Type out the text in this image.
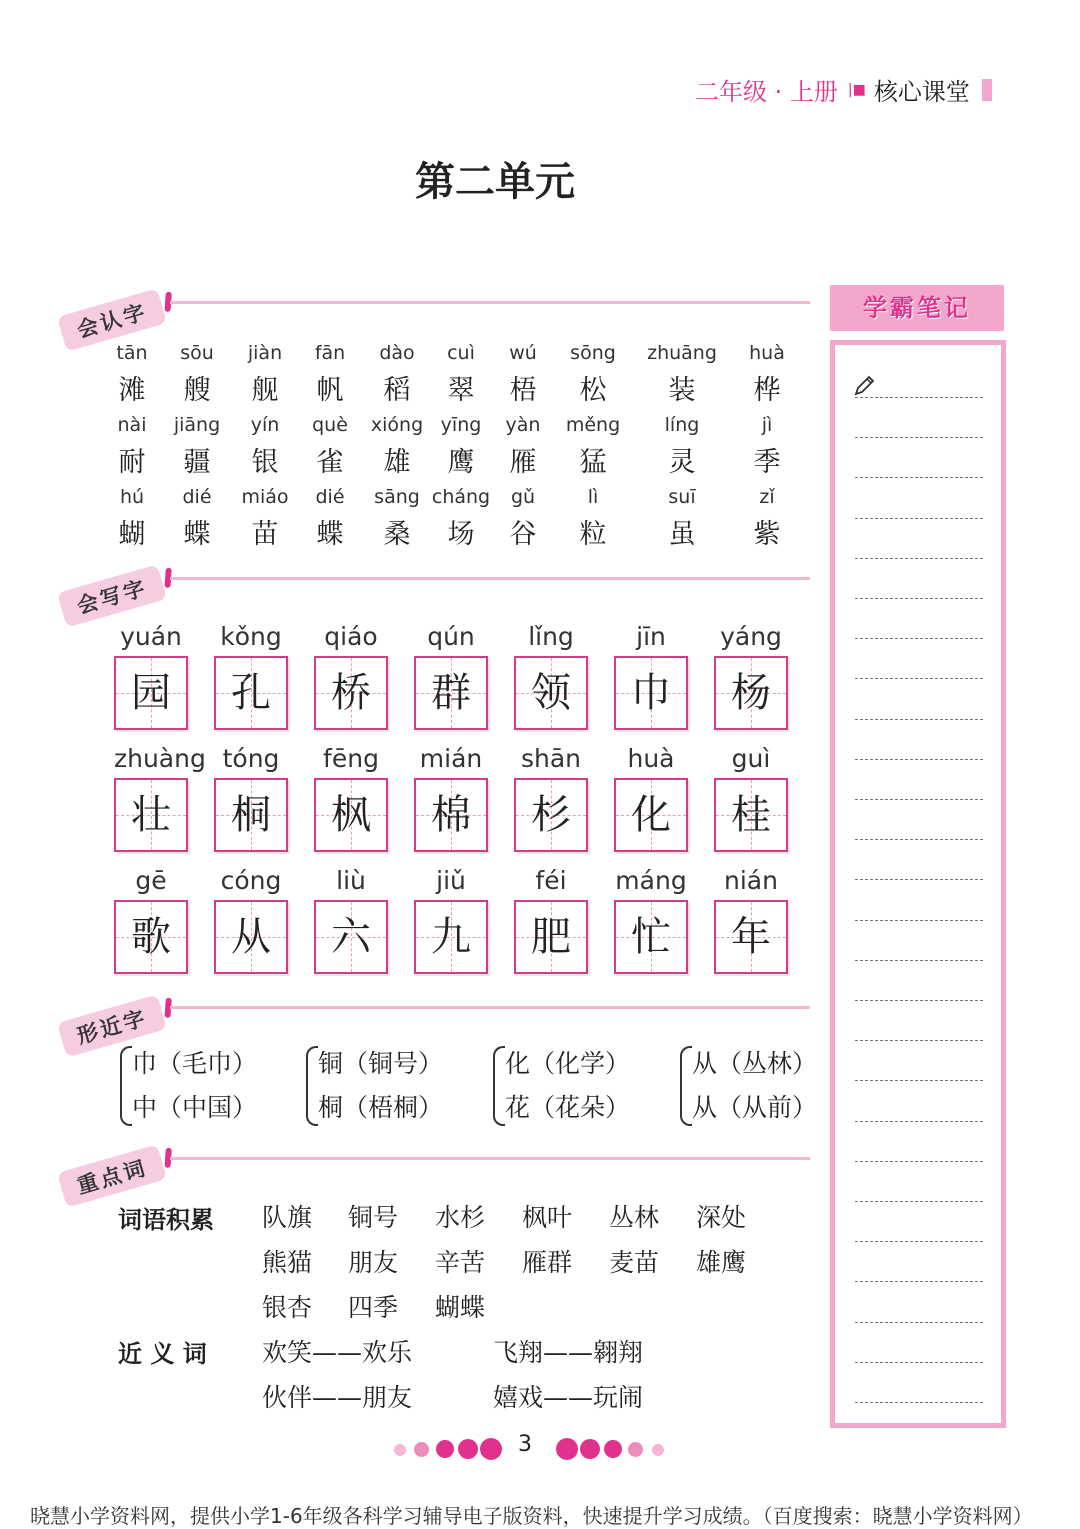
二年级 · 上册 |■ 核心课堂
第二单元
会认字
tān
滩
sōu
艘
jiàn
舰
fān
帆
dào
稻
cuì
翠
wú
梧
sōng
松
zhuāng
装
huà
桦
nài
耐
jiāng
疆
yín
银
què
雀
xióng
雄
yīng
鹰
yàn
雁
měng
猛
líng
灵
jì
季
hú
蝴
dié
蝶
miáo
苗
dié
蝶
sāng
桑
cháng
场
gǔ
谷
lì
粒
suī
虽
zǐ
紫
会写字
yuán
园
kǒng
孔
qiáo
桥
qún
群
lǐng
领
jīn
巾
yáng
杨
zhuàng
壮
tóng
桐
fēng
枫
mián
棉
shān
杉
huà
化
guì
桂
gē
歌
cóng
从
liù
六
jiǔ
九
féi
肥
máng
忙
nián
年
形近字
巾（毛巾）
中（中国）
铜（铜号）
桐（梧桐）
化（化学）
花（花朵）
从（丛林）
从（从前）
重点词
词语积累
近 义 词
队旗 铜号 水杉 枫叶 丛林 深处
熊猫 朋友 辛苦 雁群 麦苗 雄鹰
银杏 四季 蝴蝶
欢笑——欢乐	飞翔——翱翔
伙伴——朋友	嬉戏——玩闹
学霸笔记
3
晓慧小学资料网，提供小学1-6年级各科学习辅导电子版资料，快速提升学习成绩。（百度搜索：晓慧小学资料网）
